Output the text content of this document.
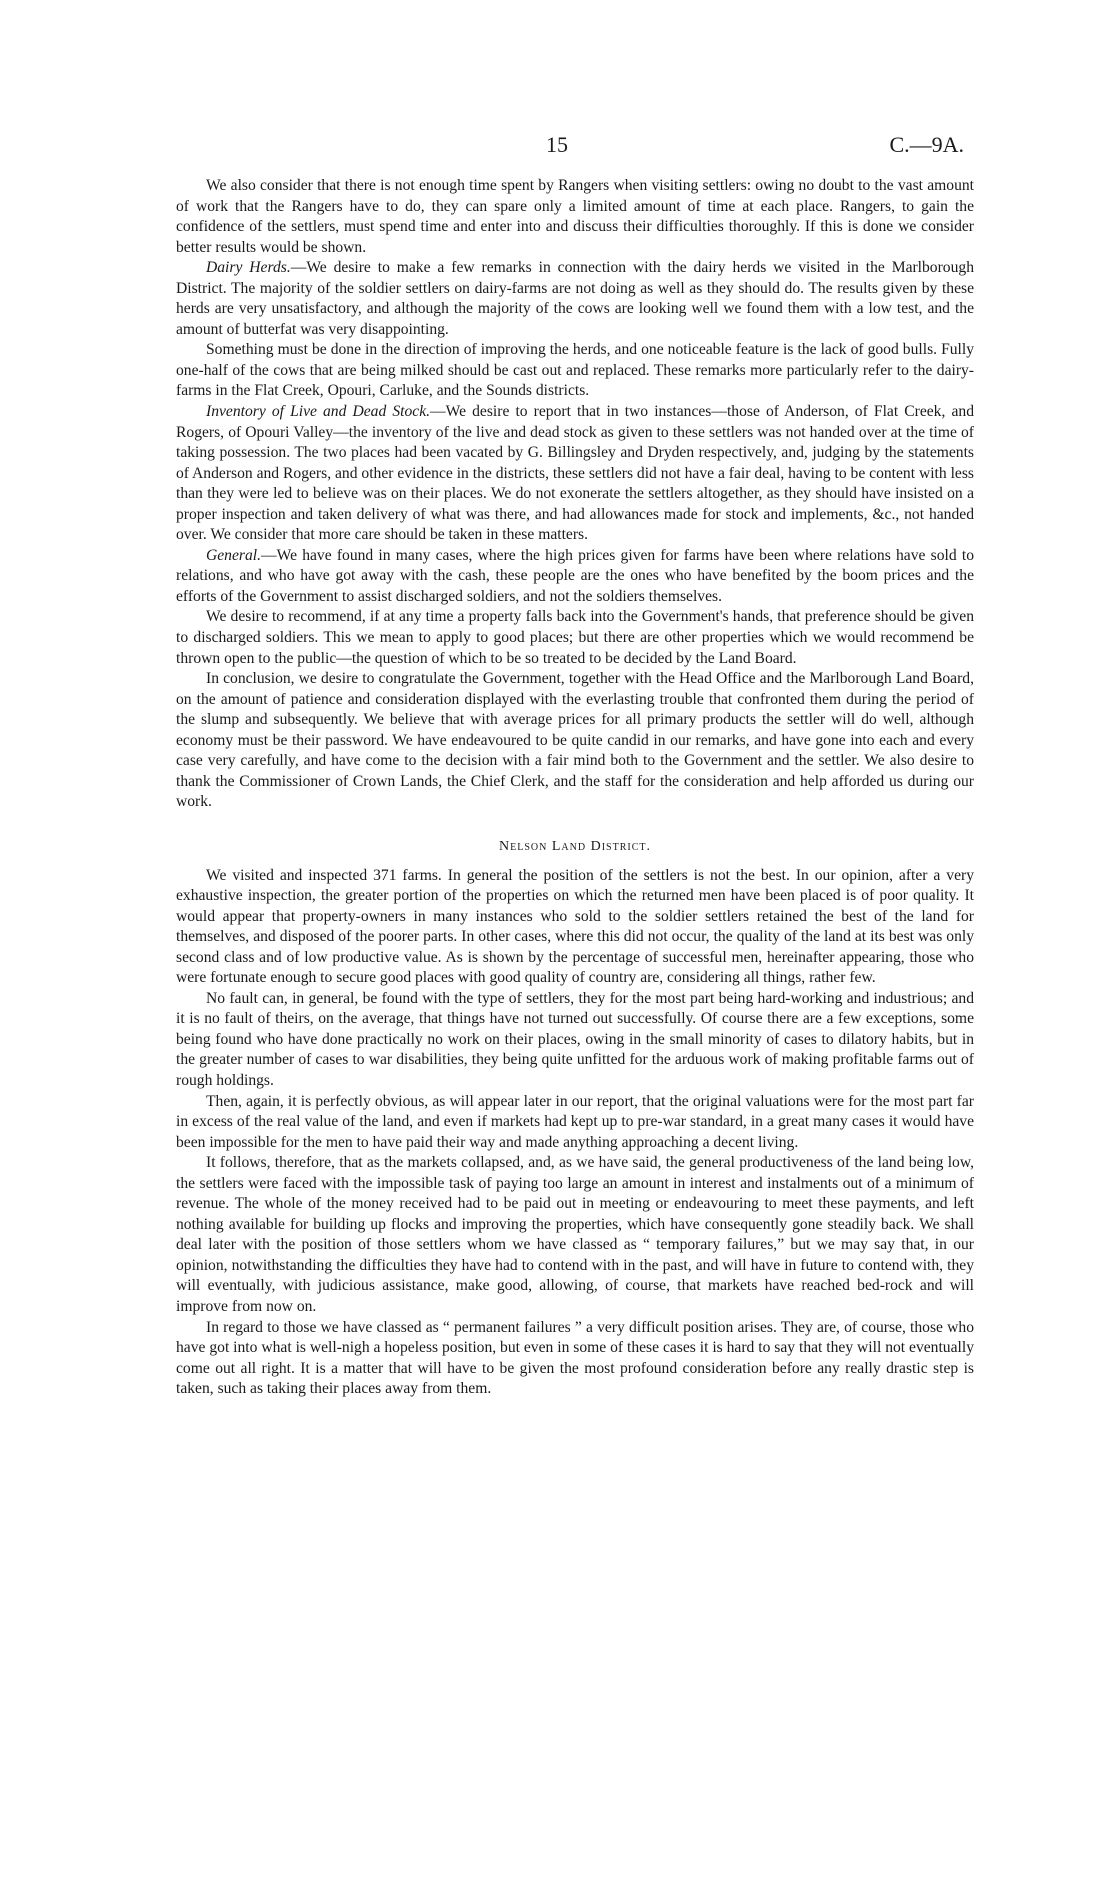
15	C.—9A.

We also consider that there is not enough time spent by Rangers when visiting settlers: owing no doubt to the vast amount of work that the Rangers have to do, they can spare only a limited amount of time at each place. Rangers, to gain the confidence of the settlers, must spend time and enter into and discuss their difficulties thoroughly. If this is done we consider better results would be shown.

Dairy Herds.—We desire to make a few remarks in connection with the dairy herds we visited in the Marlborough District. The majority of the soldier settlers on dairy-farms are not doing as well as they should do. The results given by these herds are very unsatisfactory, and although the majority of the cows are looking well we found them with a low test, and the amount of butterfat was very disappointing.

Something must be done in the direction of improving the herds, and one noticeable feature is the lack of good bulls. Fully one-half of the cows that are being milked should be cast out and replaced. These remarks more particularly refer to the dairy-farms in the Flat Creek, Opouri, Carluke, and the Sounds districts.

Inventory of Live and Dead Stock.—We desire to report that in two instances—those of Anderson, of Flat Creek, and Rogers, of Opouri Valley—the inventory of the live and dead stock as given to these settlers was not handed over at the time of taking possession. The two places had been vacated by G. Billingsley and Dryden respectively, and, judging by the statements of Anderson and Rogers, and other evidence in the districts, these settlers did not have a fair deal, having to be content with less than they were led to believe was on their places. We do not exonerate the settlers altogether, as they should have insisted on a proper inspection and taken delivery of what was there, and had allowances made for stock and implements, &c., not handed over. We consider that more care should be taken in these matters.

General.—We have found in many cases, where the high prices given for farms have been where relations have sold to relations, and who have got away with the cash, these people are the ones who have benefited by the boom prices and the efforts of the Government to assist discharged soldiers, and not the soldiers themselves.

We desire to recommend, if at any time a property falls back into the Government's hands, that preference should be given to discharged soldiers. This we mean to apply to good places; but there are other properties which we would recommend be thrown open to the public—the question of which to be so treated to be decided by the Land Board.

In conclusion, we desire to congratulate the Government, together with the Head Office and the Marlborough Land Board, on the amount of patience and consideration displayed with the everlasting trouble that confronted them during the period of the slump and subsequently. We believe that with average prices for all primary products the settler will do well, although economy must be their password. We have endeavoured to be quite candid in our remarks, and have gone into each and every case very carefully, and have come to the decision with a fair mind both to the Government and the settler. We also desire to thank the Commissioner of Crown Lands, the Chief Clerk, and the staff for the consideration and help afforded us during our work.

Nelson Land District.

We visited and inspected 371 farms. In general the position of the settlers is not the best. In our opinion, after a very exhaustive inspection, the greater portion of the properties on which the returned men have been placed is of poor quality. It would appear that property-owners in many instances who sold to the soldier settlers retained the best of the land for themselves, and disposed of the poorer parts. In other cases, where this did not occur, the quality of the land at its best was only second class and of low productive value. As is shown by the percentage of successful men, hereinafter appearing, those who were fortunate enough to secure good places with good quality of country are, considering all things, rather few.

No fault can, in general, be found with the type of settlers, they for the most part being hard-working and industrious; and it is no fault of theirs, on the average, that things have not turned out successfully. Of course there are a few exceptions, some being found who have done practically no work on their places, owing in the small minority of cases to dilatory habits, but in the greater number of cases to war disabilities, they being quite unfitted for the arduous work of making profitable farms out of rough holdings.

Then, again, it is perfectly obvious, as will appear later in our report, that the original valuations were for the most part far in excess of the real value of the land, and even if markets had kept up to pre-war standard, in a great many cases it would have been impossible for the men to have paid their way and made anything approaching a decent living.

It follows, therefore, that as the markets collapsed, and, as we have said, the general productiveness of the land being low, the settlers were faced with the impossible task of paying too large an amount in interest and instalments out of a minimum of revenue. The whole of the money received had to be paid out in meeting or endeavouring to meet these payments, and left nothing available for building up flocks and improving the properties, which have consequently gone steadily back. We shall deal later with the position of those settlers whom we have classed as “ temporary failures,” but we may say that, in our opinion, notwithstanding the difficulties they have had to contend with in the past, and will have in future to contend with, they will eventually, with judicious assistance, make good, allowing, of course, that markets have reached bed-rock and will improve from now on.

In regard to those we have classed as “ permanent failures ” a very difficult position arises. They are, of course, those who have got into what is well-nigh a hopeless position, but even in some of these cases it is hard to say that they will not eventually come out all right. It is a matter that will have to be given the most profound consideration before any really drastic step is taken, such as taking their places away from them.
